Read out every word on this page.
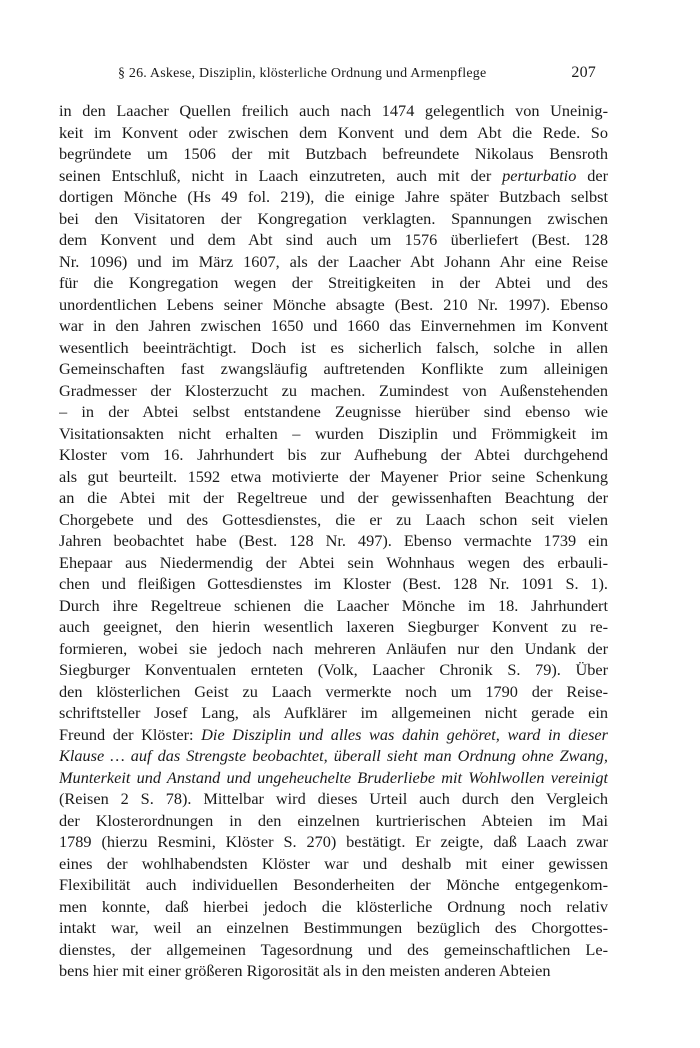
§ 26. Askese, Disziplin, klösterliche Ordnung und Armenpflege	207
in den Laacher Quellen freilich auch nach 1474 gelegentlich von Uneinig-
keit im Konvent oder zwischen dem Konvent und dem Abt die Rede. So
begründete um 1506 der mit Butzbach befreundete Nikolaus Bensroth
seinen Entschluß, nicht in Laach einzutreten, auch mit der perturbatio der
dortigen Mönche (Hs 49 fol. 219), die einige Jahre später Butzbach selbst
bei den Visitatoren der Kongregation verklagten. Spannungen zwischen
dem Konvent und dem Abt sind auch um 1576 überliefert (Best. 128
Nr. 1096) und im März 1607, als der Laacher Abt Johann Ahr eine Reise
für die Kongregation wegen der Streitigkeiten in der Abtei und des
unordentlichen Lebens seiner Mönche absagte (Best. 210 Nr. 1997). Ebenso
war in den Jahren zwischen 1650 und 1660 das Einvernehmen im Konvent
wesentlich beeinträchtigt. Doch ist es sicherlich falsch, solche in allen
Gemeinschaften fast zwangsläufig auftretenden Konflikte zum alleinigen
Gradmesser der Klosterzucht zu machen. Zumindest von Außenstehenden
– in der Abtei selbst entstandene Zeugnisse hierüber sind ebenso wie
Visitationsakten nicht erhalten – wurden Disziplin und Frömmigkeit im
Kloster vom 16. Jahrhundert bis zur Aufhebung der Abtei durchgehend
als gut beurteilt. 1592 etwa motivierte der Mayener Prior seine Schenkung
an die Abtei mit der Regeltreue und der gewissenhaften Beachtung der
Chorgebete und des Gottesdienstes, die er zu Laach schon seit vielen
Jahren beobachtet habe (Best. 128 Nr. 497). Ebenso vermachte 1739 ein
Ehepaar aus Niedermendig der Abtei sein Wohnhaus wegen des erbauli-
chen und fleißigen Gottesdienstes im Kloster (Best. 128 Nr. 1091 S. 1).
Durch ihre Regeltreue schienen die Laacher Mönche im 18. Jahrhundert
auch geeignet, den hierin wesentlich laxeren Siegburger Konvent zu re-
formieren, wobei sie jedoch nach mehreren Anläufen nur den Undank der
Siegburger Konventualen ernteten (Volk, Laacher Chronik S. 79). Über
den klösterlichen Geist zu Laach vermerkte noch um 1790 der Reise-
schriftsteller Josef Lang, als Aufklärer im allgemeinen nicht gerade ein
Freund der Klöster: Die Disziplin und alles was dahin gehöret, ward in dieser
Klause … auf das Strengste beobachtet, überall sieht man Ordnung ohne Zwang,
Munterkeit und Anstand und ungeheuchelte Bruderliebe mit Wohlwollen vereinigt
(Reisen 2 S. 78). Mittelbar wird dieses Urteil auch durch den Vergleich
der Klosterordnungen in den einzelnen kurtrierischen Abteien im Mai
1789 (hierzu Resmini, Klöster S. 270) bestätigt. Er zeigte, daß Laach zwar
eines der wohlhabendsten Klöster war und deshalb mit einer gewissen
Flexibilität auch individuellen Besonderheiten der Mönche entgegenkom-
men konnte, daß hierbei jedoch die klösterliche Ordnung noch relativ
intakt war, weil an einzelnen Bestimmungen bezüglich des Chorgottes-
dienstes, der allgemeinen Tagesordnung und des gemeinschaftlichen Le-
bens hier mit einer größeren Rigorosität als in den meisten anderen Abteien
